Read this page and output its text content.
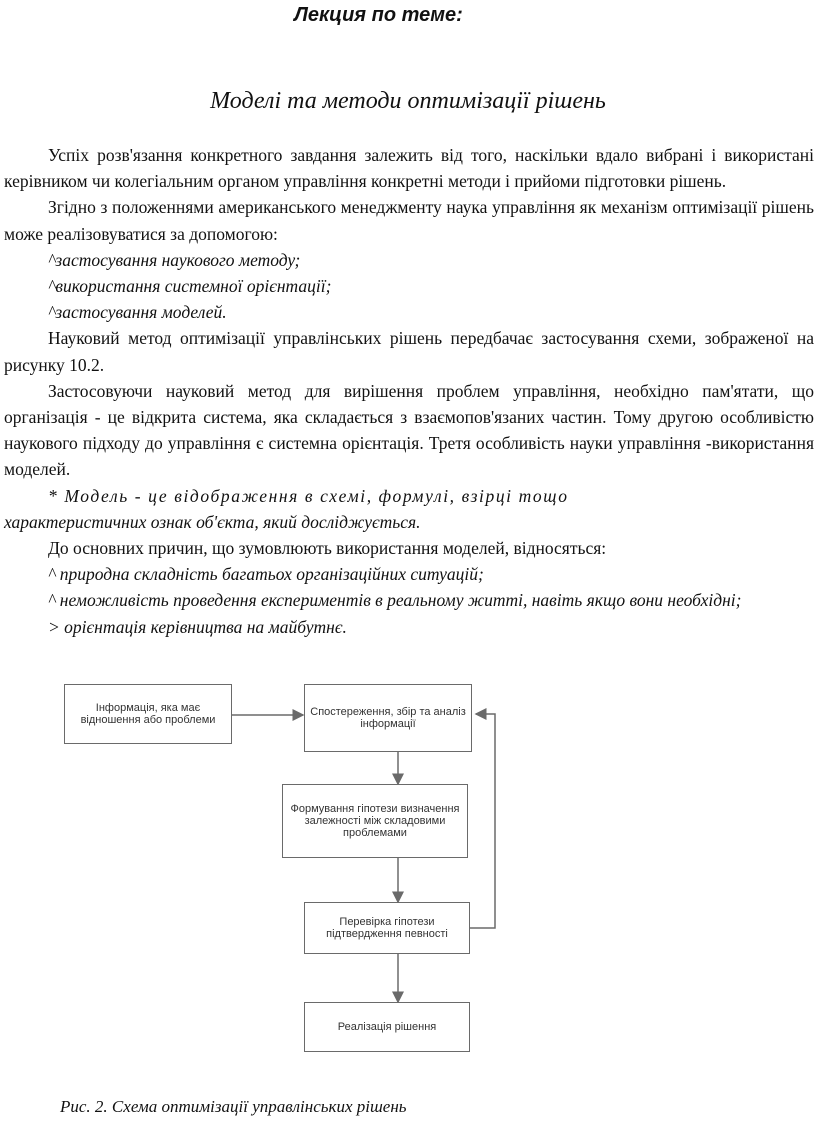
Лекция по теме:
Моделі та методи оптимізації рішень

Успіх розв'язання конкретного завдання залежить від того, наскільки вдало вибрані і використані керівником чи колегіальним органом управління конкретні методи і прийоми підготовки рішень.

Згідно з положеннями американського менеджменту наука управління як механізм оптимізації рішень може реалізовуватися за допомогою:

^застосування наукового методу;

^використання системної орієнтації;

^застосування моделей.

Науковий метод оптимізації управлінських рішень передбачає застосування схеми, зображеної на рисунку 10.2.

Застосовуючи науковий метод для вирішення проблем управління, необхідно пам'ятати, що організація - це відкрита система, яка складається з взаємопов'язаних частин. Тому другою особливістю наукового підходу до управління є системна орієнтація. Третя особливість науки управління -використання моделей.

* Модель - це відображення в схемі, формулі, взірці тощо

характеристичних ознак об'єкта, який досліджується.

До основних причин, що зумовлюють використання моделей, відносяться:

^ природна складність багатьох організаційних ситуацій;

^ неможливість проведення експериментів в реальному житті, навіть якщо вони необхідні;

> орієнтація керівництва на майбутнє.

Інформація, яка має відношення або проблеми
Спостереження, збір та аналіз інформації
Формування гіпотези визначення залежності між складовими проблемами
Перевірка гіпотези підтвердження певності
Реалізація рішення
Рис. 2. Схема оптимізації управлінських рішень
